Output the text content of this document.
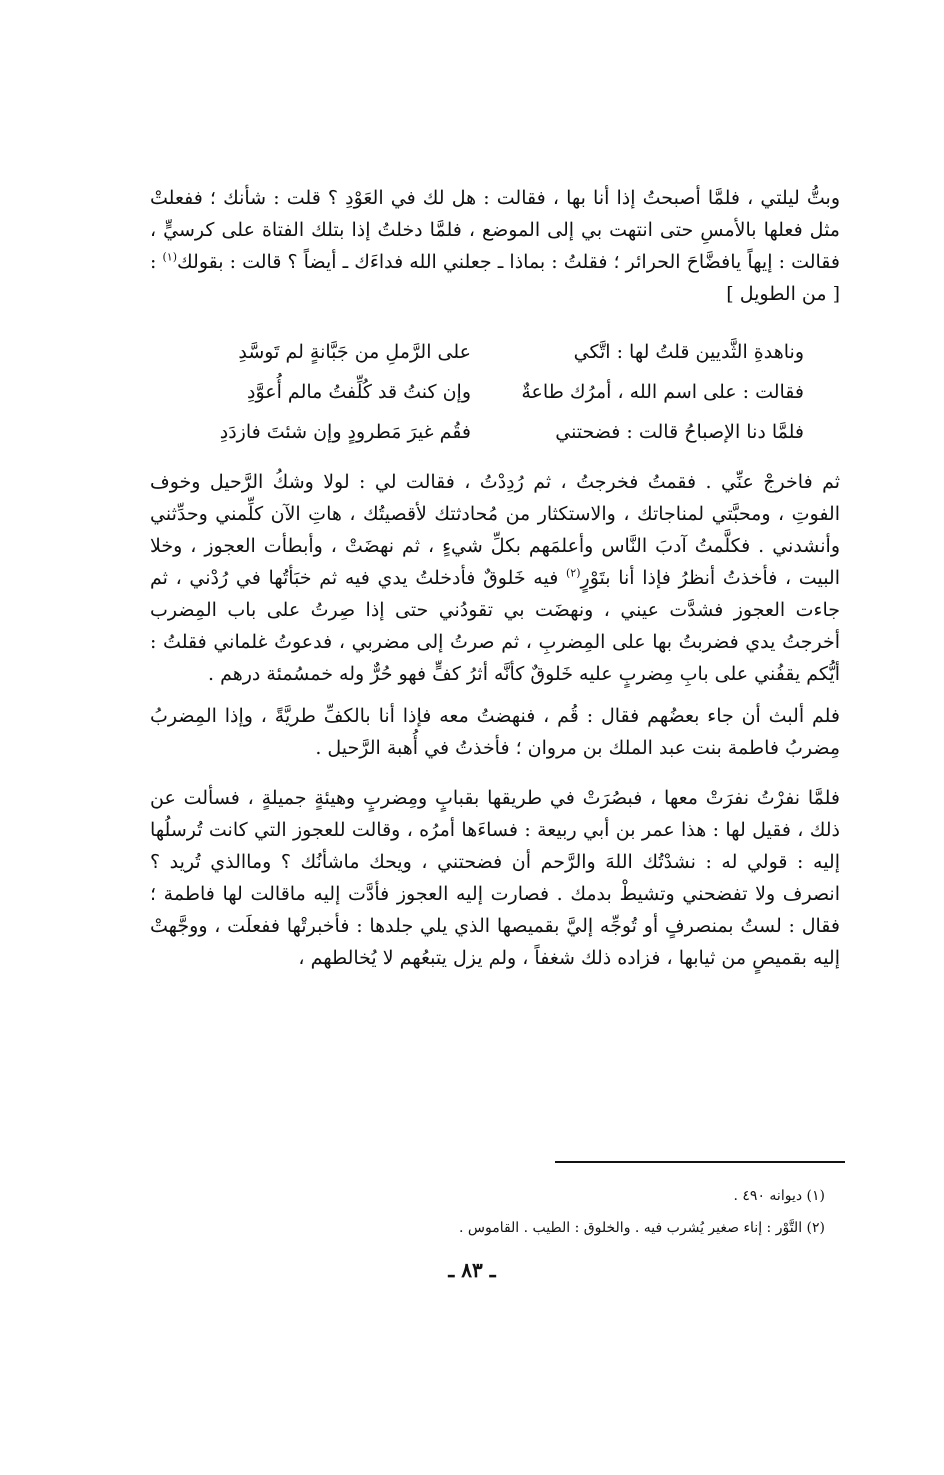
وبتُّ ليلتي ، فلمَّا أصبحتُ إذا أنا بها ، فقالت : هل لك في العَوْدِ ؟ قلت : شأنك ؛ ففعلتْ مثل فعلها بالأمسِ حتى انتهت بي إلى الموضع ، فلمَّا دخلتُ إذا بتلك الفتاة على كرسيٍّ ، فقالت : إيهاً يافضَّاحَ الحرائر ؛ فقلتُ : بماذا ـ جعلني الله فداءَك ـ أيضاً ؟ قالت : بقولك$^{(١)}$ : [ من الطويل ]

وناهدةِ الثَّديين قلتُ لها : اتَّكي
على الرَّملِ من جَبَّانةٍ لم تَوسَّدِ
فقالت : على اسم الله ، أمرُك طاعةٌ
وإن كنتُ قد كُلِّفتُ مالم أُعوَّدِ
فلمَّا دنا الإصباحُ قالت : فضحتني
فقُم غيرَ مَطرودٍ وإن شئتَ فازدَدِ

ثم فاخرجْ عنِّي . فقمتُ فخرجتُ ، ثم رُدِدْتُ ، فقالت لي : لولا وشكُ الرَّحيل وخوف الفوتِ ، ومحبَّتي لمناجاتك ، والاستكثار من مُحادثتك لأقصيتُك ، هاتِ الآن كلِّمني وحدِّثني وأنشدني . فكلَّمتُ آدبَ النَّاس وأعلمَهم بكلِّ شيءٍ ، ثم نهضَتْ ، وأبطأت العجوز ، وخلا البيت ، فأخذتُ أنظرُ فإذا أنا بتَوْرٍ$^{(٢)}$ فيه خَلوقٌ فأدخلتُ يدي فيه ثم خبَأتُها في رُدْني ، ثم جاءت العجوز فشدَّت عيني ، ونهضَت بي تقودُني حتى إذا صِرتُ على باب المِضرب أخرجتُ يدي فضربتُ بها على المِضربِ ، ثم صرتُ إلى مضربي ، فدعوتُ غلماني فقلتُ : أيُّكم يقفُني على بابِ مِضربٍ عليه خَلوقٌ كأنَّه أثرُ كفٍّ فهو حُرٌّ وله خمسُمئة درهم .

فلم ألبث أن جاء بعضُهم فقال : قُم ، فنهضتُ معه فإذا أنا بالكفِّ طريَّةً ، وإذا المِضربُ مِضربُ فاطمة بنت عبد الملك بن مروان ؛ فأخذتُ في أُهبة الرَّحيل .

فلمَّا نفرْتُ نفرَتْ معها ، فبصُرَتْ في طريقها بقبابٍ ومِضربٍ وهيئةٍ جميلةٍ ، فسألت عن ذلك ، فقيل لها : هذا عمر بن أبي ربيعة : فساءَها أمرُه ، وقالت للعجوز التي كانت تُرسلُها إليه : قولي له : نشدْتُك اللهَ والرَّحم أن فضحتني ، ويحك ماشأنُك ؟ وماالذي تُريد ؟ انصرف ولا تفضحني وتشيطْ بدمك . فصارت إليه العجوز فأدَّت إليه ماقالت لها فاطمة ؛ فقال : لستُ بمنصرفٍ أو تُوجِّه إليَّ بقميصها الذي يلي جلدها : فأخبرتْها ففعلَت ، ووجَّهتْ إليه بقميصٍ من ثيابها ، فزاده ذلك شغفاً ، ولم يزل يتبعُهم لا يُخالطهم ،

(١) ديوانه ٤٩٠ .
(٢) التَّوْر : إناء صغير يُشرب فيه . والخلوق : الطيب . القاموس .
ـ ٨٣ ـ
